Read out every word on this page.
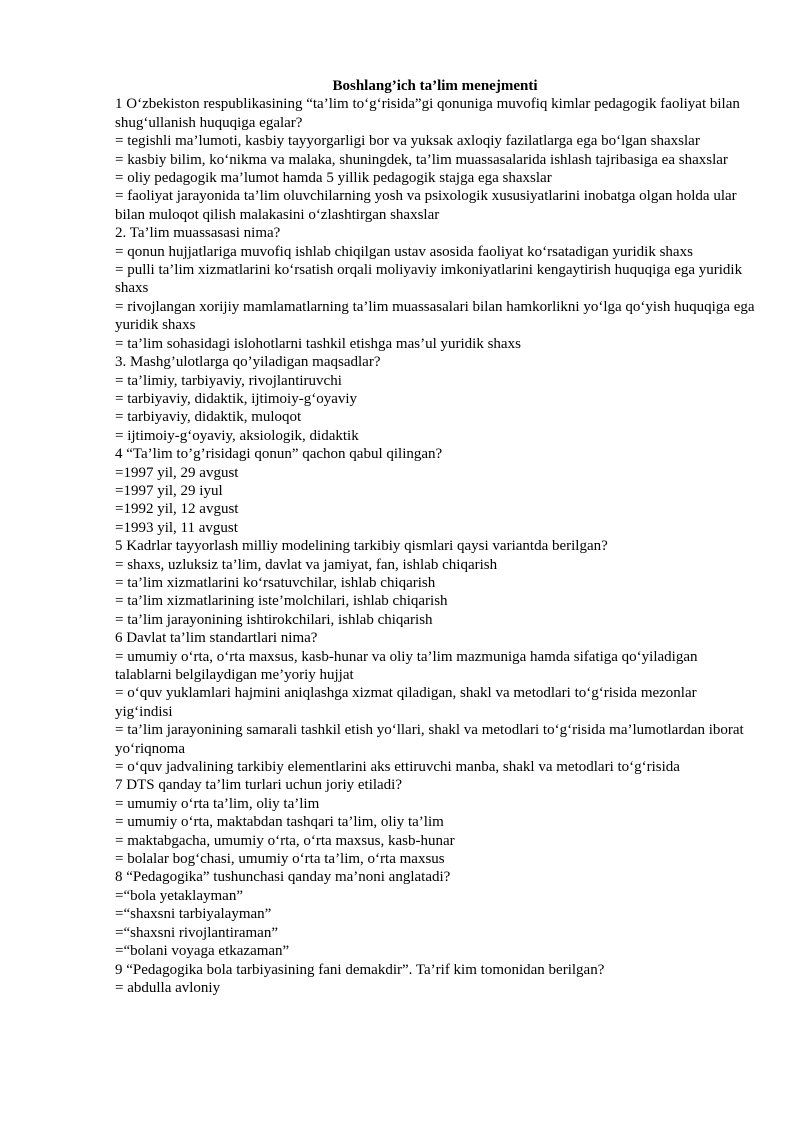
Boshlang’ich ta’lim menejmenti

1 O‘zbekiston respublikasining “ta’lim to‘g‘risida”gi qonuniga muvofiq kimlar pedagogik faoliyat bilan shug‘ullanish huquqiga egalar?

= tegishli ma’lumoti, kasbiy tayyorgarligi bor va yuksak axloqiy fazilatlarga ega bo‘lgan shaxslar

= kasbiy bilim, ko‘nikma va malaka, shuningdek, ta’lim muassasalarida ishlash tajribasiga ea shaxslar

= oliy pedagogik ma’lumot hamda 5 yillik pedagogik stajga ega shaxslar

= faoliyat jarayonida ta’lim oluvchilarning yosh va psixologik xususiyatlarini inobatga olgan holda ular bilan muloqot qilish malakasini o‘zlashtirgan shaxslar

2. Ta’lim muassasasi nima?

= qonun hujjatlariga muvofiq ishlab chiqilgan ustav asosida faoliyat ko‘rsatadigan yuridik shaxs

= pulli ta’lim xizmatlarini ko‘rsatish orqali moliyaviy imkoniyatlarini kengaytirish huquqiga ega yuridik shaxs

= rivojlangan xorijiy mamlamatlarning ta’lim muassasalari bilan hamkorlikni yo‘lga qo‘yish huquqiga ega yuridik shaxs

= ta’lim sohasidagi islohotlarni tashkil etishga mas’ul yuridik shaxs

3. Mashg’ulotlarga qo’yiladigan maqsadlar?

= ta’limiy, tarbiyaviy, rivojlantiruvchi

= tarbiyaviy, didaktik, ijtimoiy-g‘oyaviy

= tarbiyaviy, didaktik, muloqot

= ijtimoiy-g‘oyaviy, aksiologik, didaktik

4 “Ta’lim to’g’risidagi qonun” qachon qabul qilingan?

=1997 yil, 29 avgust

=1997 yil, 29 iyul

=1992 yil, 12 avgust

=1993 yil, 11 avgust

5 Kadrlar tayyorlash milliy modelining tarkibiy qismlari qaysi variantda berilgan?

= shaxs, uzluksiz ta’lim, davlat va jamiyat, fan, ishlab chiqarish

= ta’lim xizmatlarini ko‘rsatuvchilar, ishlab chiqarish

= ta’lim xizmatlarining iste’molchilari, ishlab chiqarish

= ta’lim jarayonining ishtirokchilari, ishlab chiqarish

6 Davlat ta’lim standartlari nima?

= umumiy o‘rta, o‘rta maxsus, kasb-hunar va oliy ta’lim mazmuniga hamda sifatiga qo‘yiladigan talablarni belgilaydigan me’yoriy hujjat

= o‘quv yuklamlari hajmini aniqlashga xizmat qiladigan, shakl va metodlari to‘g‘risida mezonlar yig‘indisi

= ta’lim jarayonining samarali tashkil etish yo‘llari, shakl va metodlari to‘g‘risida ma’lumotlardan iborat yo‘riqnoma

= o‘quv jadvalining tarkibiy elementlarini aks ettiruvchi manba, shakl va metodlari to‘g‘risida

7 DTS qanday ta’lim turlari uchun joriy etiladi?

= umumiy o‘rta ta’lim, oliy ta’lim

= umumiy o‘rta, maktabdan tashqari ta’lim, oliy ta’lim

= maktabgacha, umumiy o‘rta, o‘rta maxsus, kasb-hunar

= bolalar bog‘chasi, umumiy o‘rta ta’lim, o‘rta maxsus

8 “Pedagogika” tushunchasi qanday ma’noni anglatadi?

=“bola yetaklayman”

=“shaxsni tarbiyalayman”

=“shaxsni rivojlantiraman”

=“bolani voyaga etkazaman”

9 “Pedagogika bola tarbiyasining fani demakdir”. Ta’rif kim tomonidan berilgan?

= abdulla avloniy
